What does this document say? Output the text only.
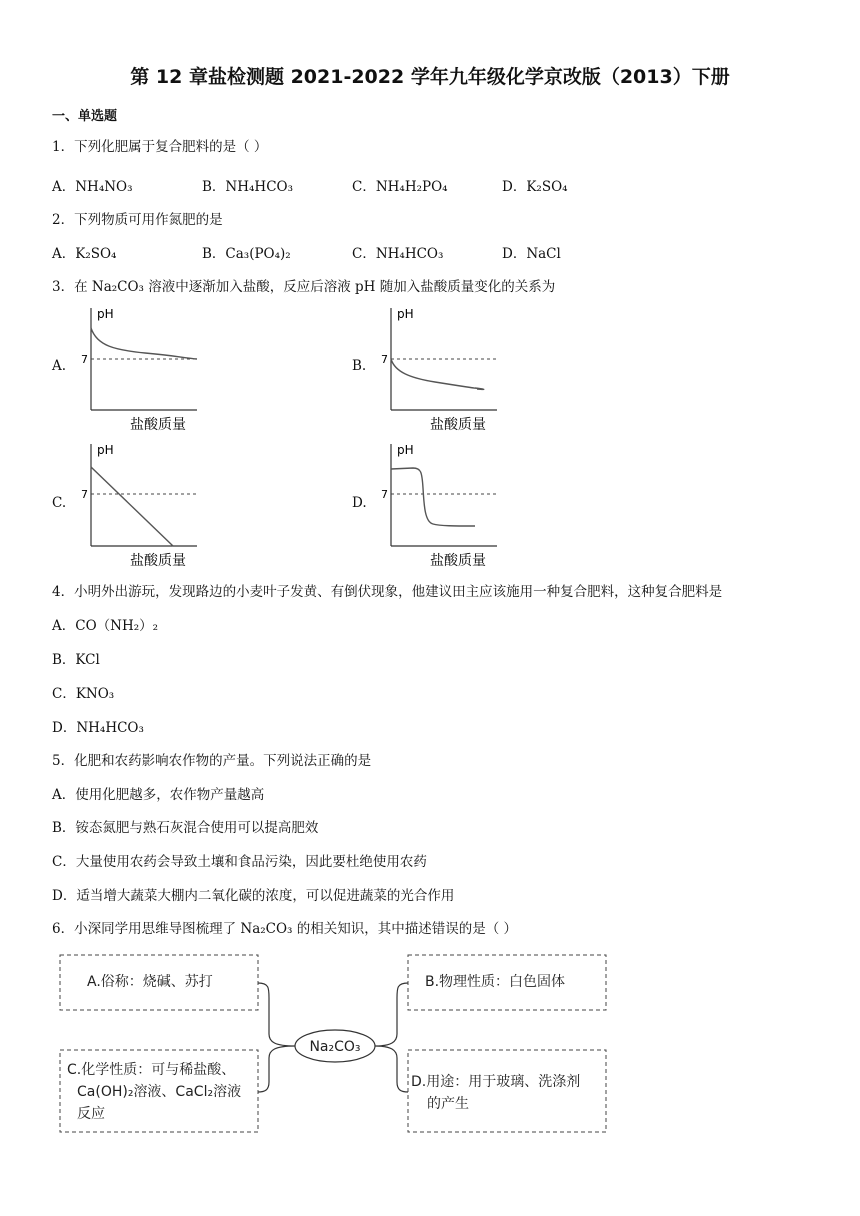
第 12 章盐检测题 2021-2022 学年九年级化学京改版（2013）下册
一、单选题
1．下列化肥属于复合肥料的是（ ）
A．NH₄NO₃	B．NH₄HCO₃	C．NH₄H₂PO₄	D．K₂SO₄
2．下列物质可用作氮肥的是
A．K₂SO₄	B．Ca₃(PO₄)₂	C．NH₄HCO₃	D．NaCl
3．在 Na₂CO₃ 溶液中逐渐加入盐酸，反应后溶液 pH 随加入盐酸质量变化的关系为
A.
pH
7
盐酸质量
B.
pH
7
盐酸质量
C.
pH
7
盐酸质量
D.
pH
7
盐酸质量
4．小明外出游玩，发现路边的小麦叶子发黄、有倒伏现象，他建议田主应该施用一种复合肥料，这种复合肥料是
A．CO（NH₂）₂
B．KCl
C．KNO₃
D．NH₄HCO₃
5．化肥和农药影响农作物的产量。下列说法正确的是
A．使用化肥越多，农作物产量越高
B．铵态氮肥与熟石灰混合使用可以提高肥效
C．大量使用农药会导致土壤和食品污染，因此要杜绝使用农药
D．适当增大蔬菜大棚内二氧化碳的浓度，可以促进蔬菜的光合作用
6．小深同学用思维导图梳理了 Na₂CO₃ 的相关知识，其中描述错误的是（ ）
Na₂CO₃
A.俗称：烧碱、苏打	B.物理性质：白色固体
C.化学性质：可与稀盐酸、
Ca(OH)₂溶液、CaCl₂溶液
反应
D.用途：用于玻璃、洗涤剂
的产生
